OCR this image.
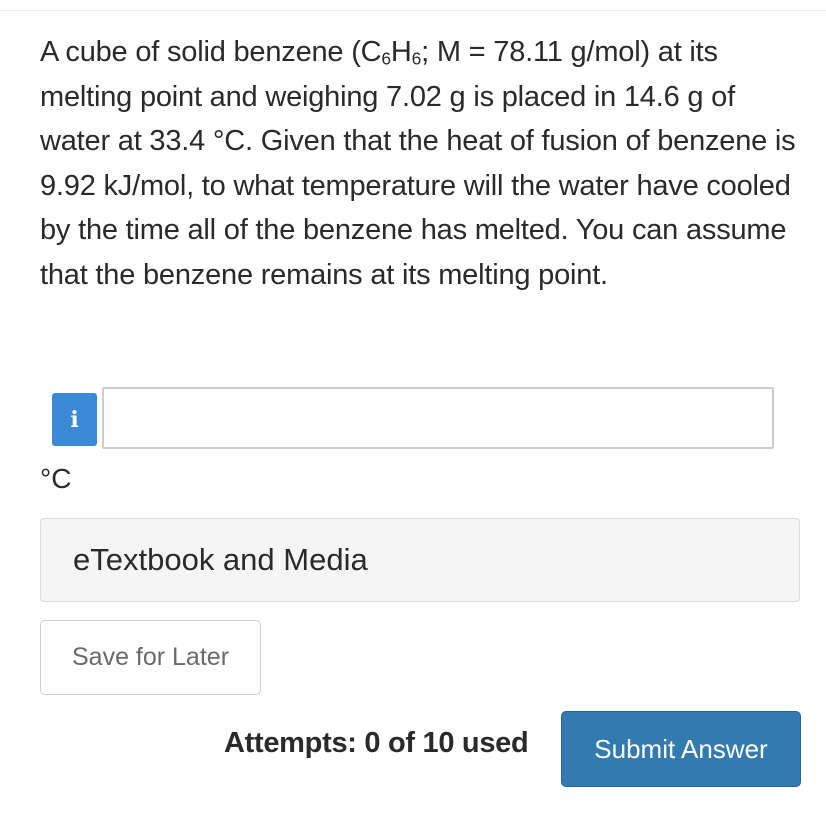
A cube of solid benzene ($C_6H_6$; M = 78.11 g/mol) at its melting point and weighing 7.02 g is placed in 14.6 g of water at 33.4 °C. Given that the heat of fusion of benzene is 9.92 kJ/mol, to what temperature will the water have cooled by the time all of the benzene has melted. You can assume that the benzene remains at its melting point.

i
°C
eTextbook and Media
Save for Later
Attempts: 0 of 10 used	Submit Answer
